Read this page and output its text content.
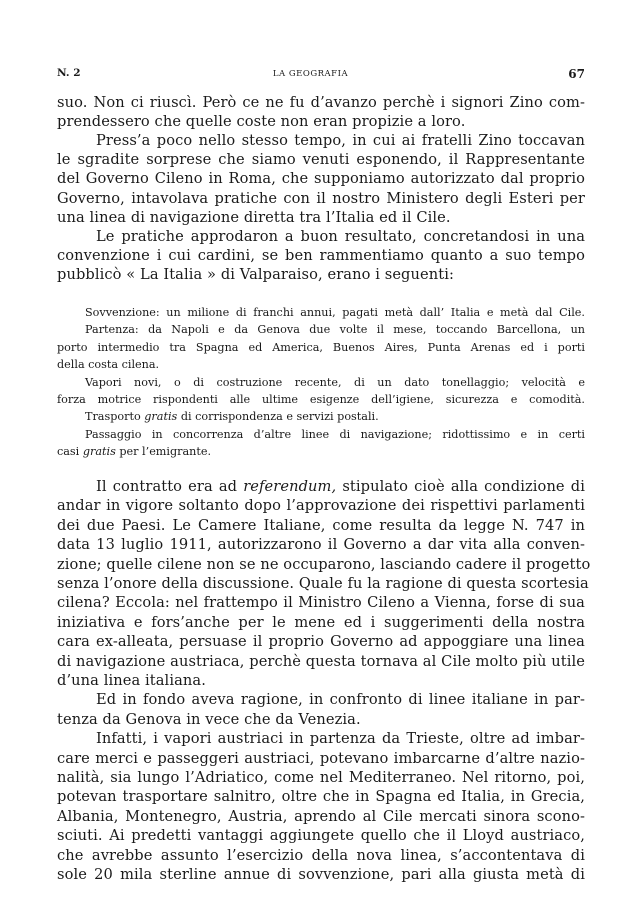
N. 2	LA GEOGRAFIA	67
suo. Non ci riuscì. Però ce ne fu d’avanzo perchè i signori Zino com-
prendessero che quelle coste non eran propizie a loro.
Press’a poco nello stesso tempo, in cui ai fratelli Zino toccavan
le sgradite sorprese che siamo venuti esponendo, il Rappresentante
del Governo Cileno in Roma, che supponiamo autorizzato dal proprio
Governo, intavolava pratiche con il nostro Ministero degli Esteri per
una linea di navigazione diretta tra l’Italia ed il Cile.
Le pratiche approdaron a buon resultato, concretandosi in una
convenzione i cui cardini, se ben rammentiamo quanto a suo tempo
pubblicò « La Italia » di Valparaiso, erano i seguenti:
Sovvenzione: un milione di franchi annui, pagati metà dall’ Italia e metà dal Cile.
Partenza: da Napoli e da Genova due volte il mese, toccando Barcellona, un
porto intermedio tra Spagna ed America, Buenos Aires, Punta Arenas ed i porti
della costa cilena.
Vapori novi, o di costruzione recente, di un dato tonellaggio; velocità e
forza motrice rispondenti alle ultime esigenze dell’igiene, sicurezza e comodità.
Trasporto gratis di corrispondenza e servizi postali.
Passaggio in concorrenza d’altre linee di navigazione; ridottissimo e in certi
casi gratis per l’emigrante.
Il contratto era ad referendum, stipulato cioè alla condizione di
andar in vigore soltanto dopo l’approvazione dei rispettivi parlamenti
dei due Paesi. Le Camere Italiane, come resulta da legge N. 747 in
data 13 luglio 1911, autorizzarono il Governo a dar vita alla conven-
zione; quelle cilene non se ne occuparono, lasciando cadere il progetto
senza l’onore della discussione. Quale fu la ragione di questa scortesia
cilena? Eccola: nel frattempo il Ministro Cileno a Vienna, forse di sua
iniziativa e fors’anche per le mene ed i suggerimenti della nostra
cara ex-alleata, persuase il proprio Governo ad appoggiare una linea
di navigazione austriaca, perchè questa tornava al Cile molto più utile
d’una linea italiana.
Ed in fondo aveva ragione, in confronto di linee italiane in par-
tenza da Genova in vece che da Venezia.
Infatti, i vapori austriaci in partenza da Trieste, oltre ad imbar-
care merci e passeggeri austriaci, potevano imbarcarne d’altre nazio-
nalità, sia lungo l’Adriatico, come nel Mediterraneo. Nel ritorno, poi,
potevan trasportare salnitro, oltre che in Spagna ed Italia, in Grecia,
Albania, Montenegro, Austria, aprendo al Cile mercati sinora scono-
sciuti. Ai predetti vantaggi aggiungete quello che il Lloyd austriaco,
che avrebbe assunto l’esercizio della nova linea, s’accontentava di
sole 20 mila sterline annue di sovvenzione, pari alla giusta metà di
